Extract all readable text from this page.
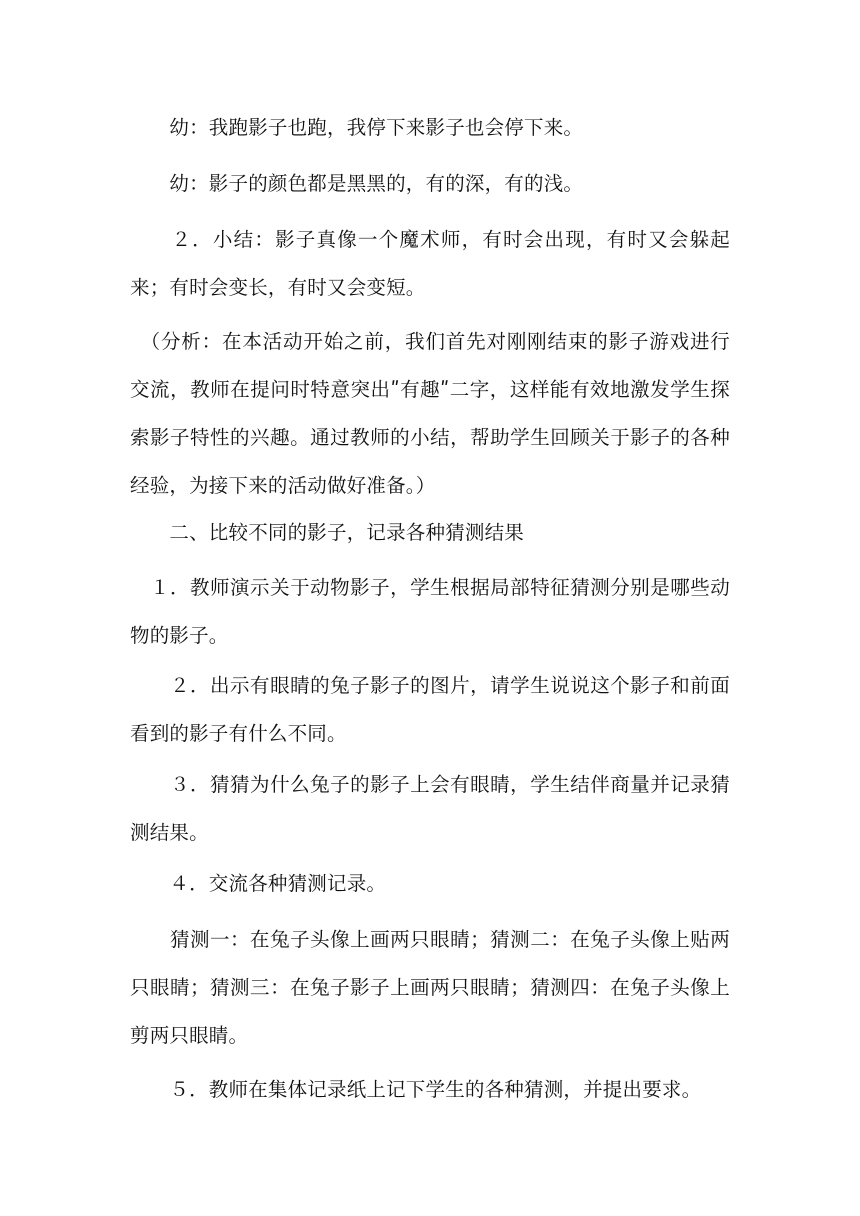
　　幼：我跑影子也跑，我停下来影子也会停下来。

　　幼：影子的颜色都是黑黑的，有的深，有的浅。

　　２．小结：影子真像一个魔术师，有时会出现，有时又会躲起来；有时会变长，有时又会变短。

　（分析：在本活动开始之前，我们首先对刚刚结束的影子游戏进行交流，教师在提问时特意突出ʺ有趣ʺ二字，这样能有效地激发学生探索影子特性的兴趣。通过教师的小结，帮助学生回顾关于影子的各种经验，为接下来的活动做好准备。）

　　二、比较不同的影子，记录各种猜测结果

　１．教师演示关于动物影子，学生根据局部特征猜测分别是哪些动物的影子。

　　２．出示有眼睛的兔子影子的图片，请学生说说这个影子和前面看到的影子有什么不同。

　　３．猜猜为什么兔子的影子上会有眼睛，学生结伴商量并记录猜测结果。

　　４．交流各种猜测记录。

　　猜测一：在兔子头像上画两只眼睛；猜测二：在兔子头像上贴两只眼睛；猜测三：在兔子影子上画两只眼睛；猜测四：在兔子头像上剪两只眼睛。

　　５．教师在集体记录纸上记下学生的各种猜测，并提出要求。
